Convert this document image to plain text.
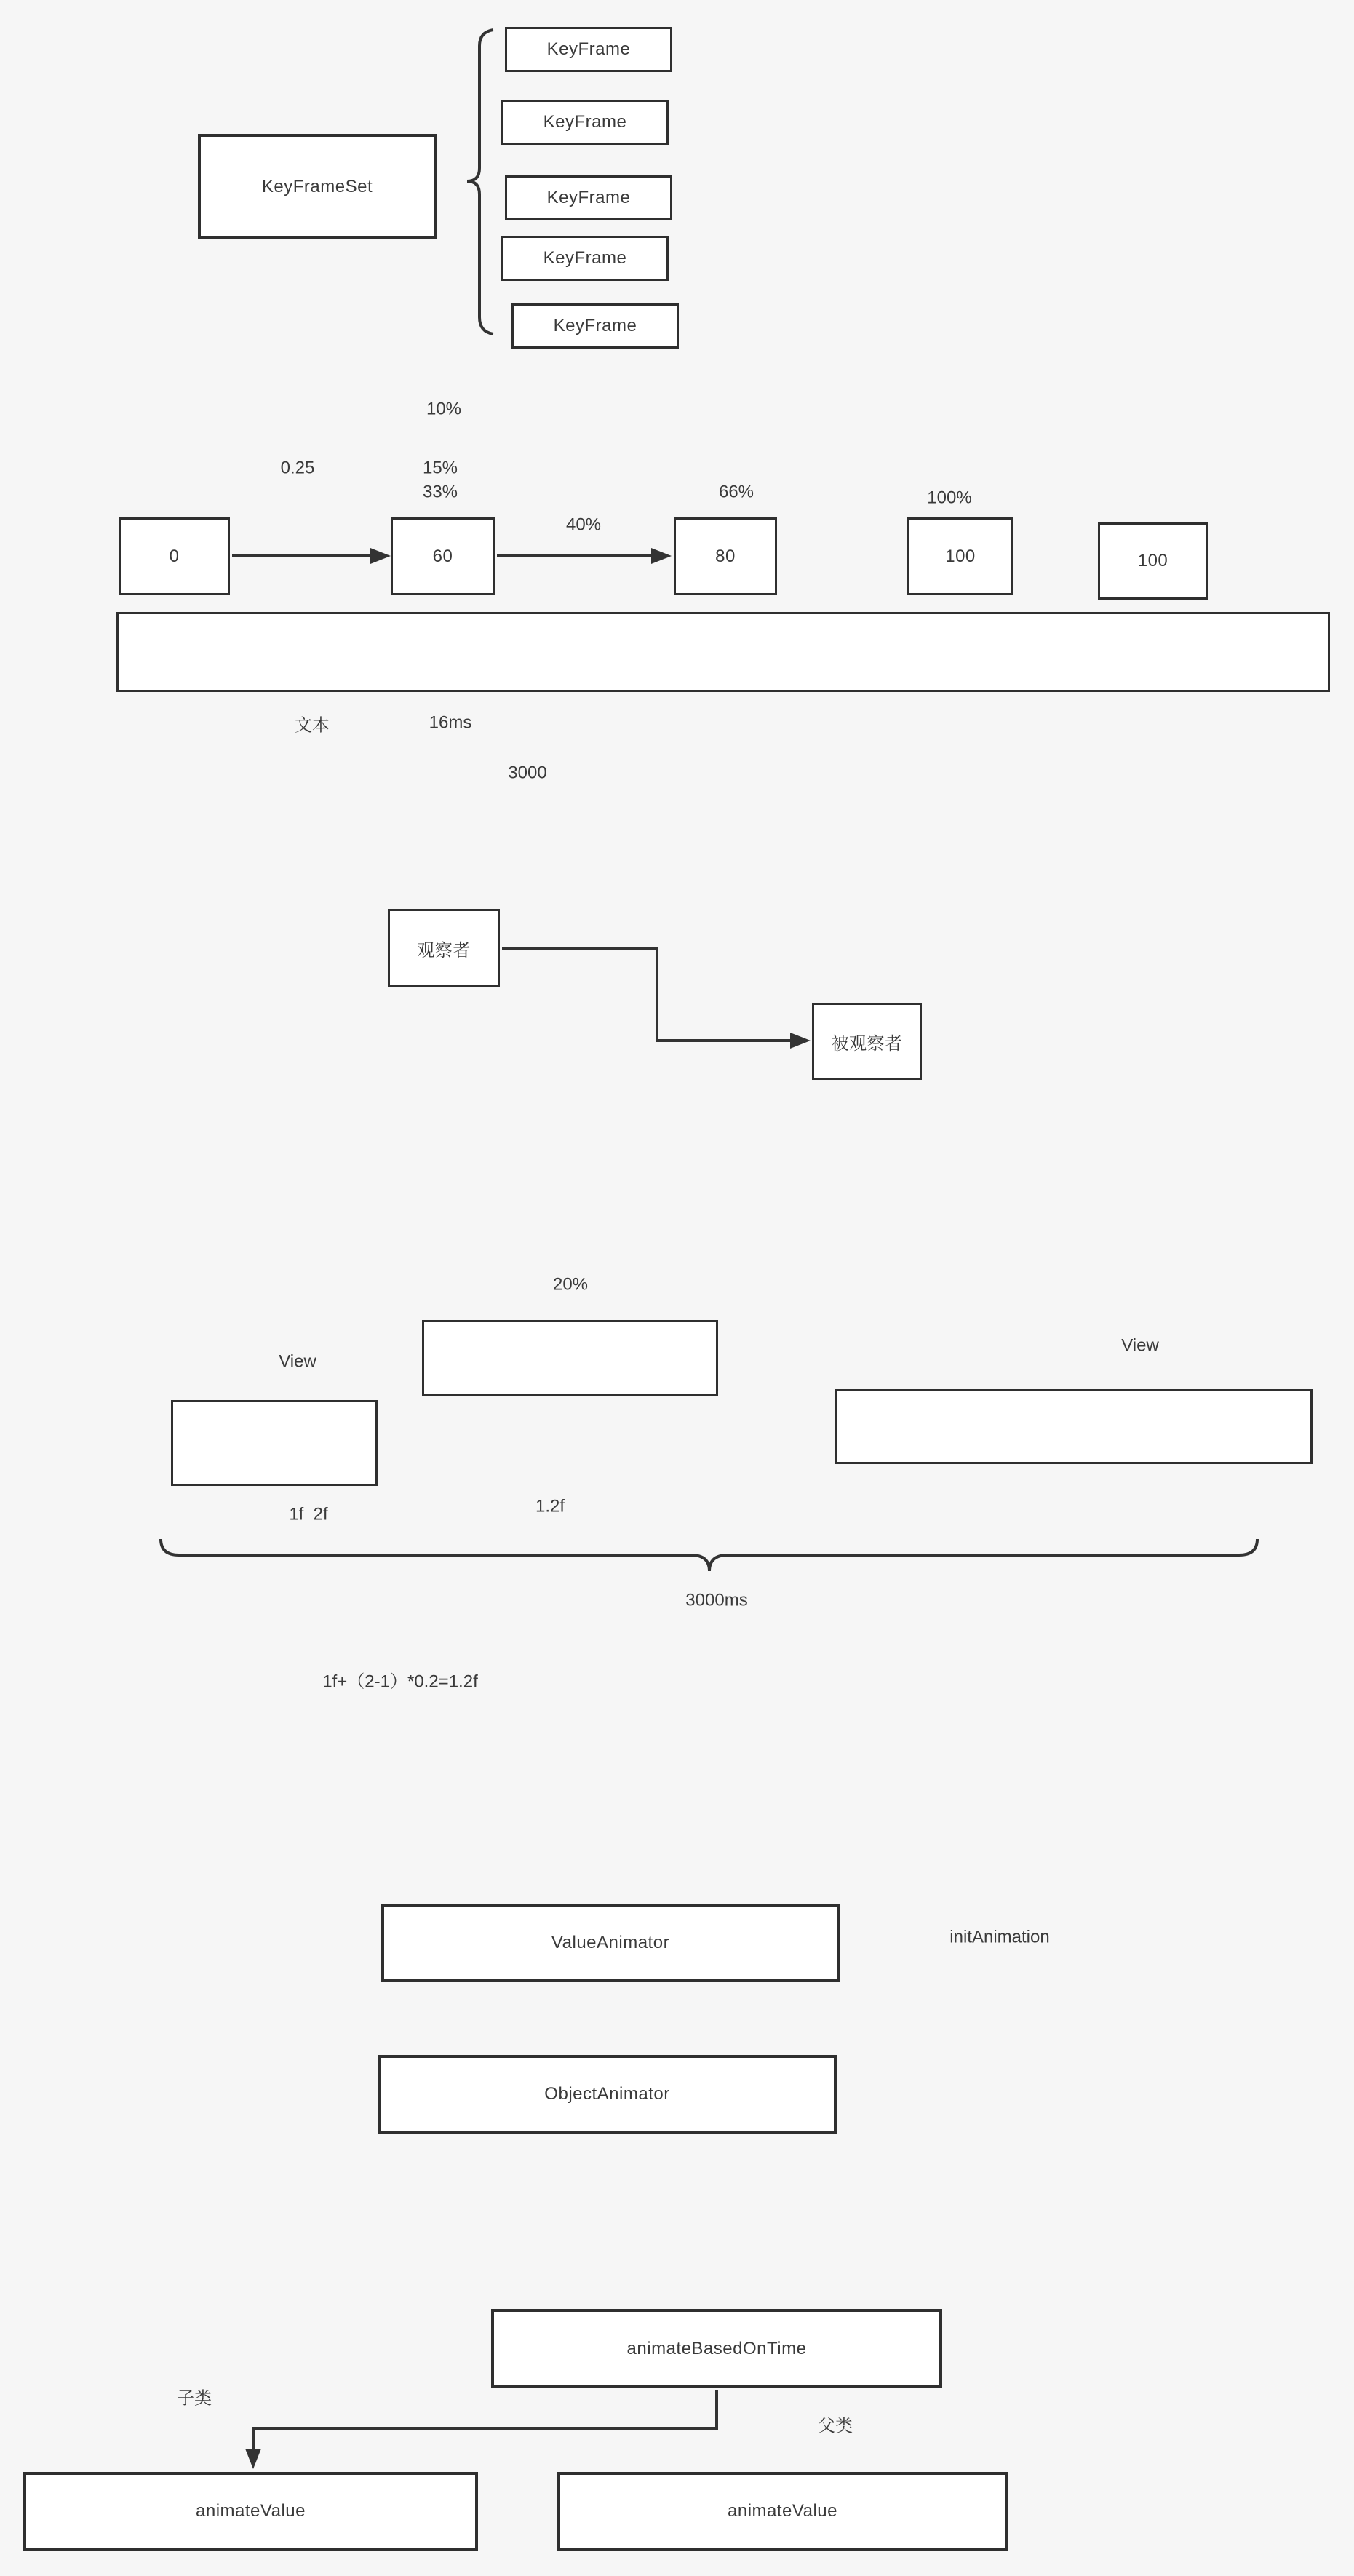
KeyFrameSet
KeyFrame
KeyFrame
KeyFrame
KeyFrame
KeyFrame
10%
0.25	15%
33%	66%
40%
100%
0	60	80	100	100
文本	16ms
3000
观察者
被观察者
20%
View
View
1f  2f	1.2f
3000ms
1f+（2-1）*0.2=1.2f
ValueAnimator	initAnimation
ObjectAnimator
animateBasedOnTime
子类
父类
animateValue	animateValue
